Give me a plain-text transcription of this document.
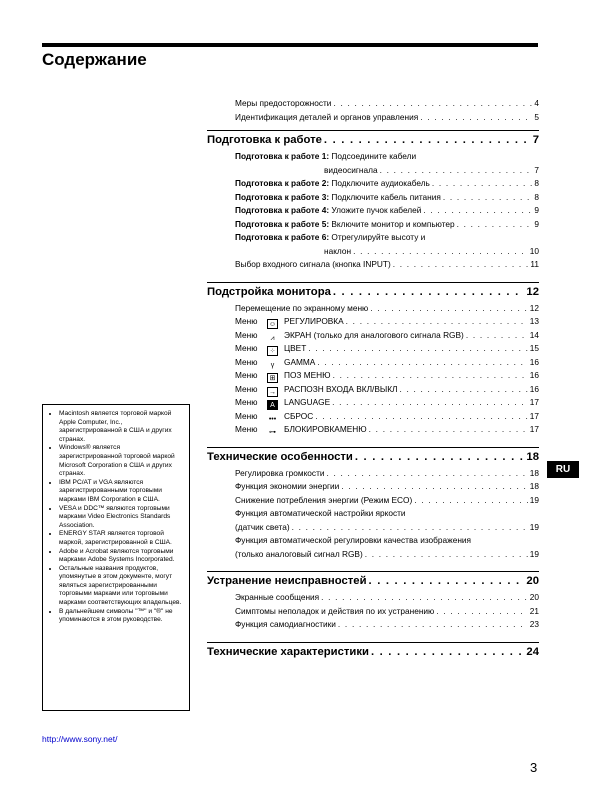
Содержание
Меры предосторожности . . .	4
Идентификация деталей и органов управления . . .	5
Подготовка к работе . . .	7
Подготовка к работе 1: Подсоедините кабели
видеосигнала . . .	7
Подготовка к работе 2: Подключите аудиокабель . . .	8
Подготовка к работе 3: Подключите кабель питания . . .	8
Подготовка к работе 4: Уложите пучок кабелей . . .	9
Подготовка к работе 5: Включите монитор и компьютер . . .	9
Подготовка к работе 6: Отрегулируйте высоту и
наклон . . .	10
Выбор входного сигнала (кнопка INPUT) . . .	11
Подстройка монитора . . .	12
Перемещение по экранному меню . . .	12
Меню ☺ РЕГУЛИРОВКА . . .	13
Меню ⩘ ЭКРАН (только для аналогового сигнала RGB) . . .	14
Меню ⁘ ЦВЕТ . . .	15
Меню γ GAMMA . . .	16
Меню ⊞ ПОЗ МЕНЮ . . .	16
Меню → РАСПОЗН ВХОДА ВКЛ/ВЫКЛ . . .	16
Меню A LANGUAGE . . .	17
Меню ••• СБРОС . . .	17
Меню ⊶ БЛОКИРОВКАМЕНЮ . . .	17
Технические особенности . . .	18
Регулировка громкости . . .	18
Функция экономии энергии . . .	18
Снижение потребления энергии (Режим ECO) . . .	19
Функция автоматической настройки яркости
(датчик света) . . .	19
Функция автоматической регулировки качества изображения
(только аналоговый сигнал RGB) . . .	19
Устранение неисправностей . . .	20
Экранные сообщения . . .	20
Симптомы неполадок и действия по их устранению . . .	21
Функция самодиагностики . . .	23
Технические характеристики . . .	24
• Macintosh является торговой маркой Apple Computer, Inc., зарегистрированной в США и других странах.
• Windows® является зарегистрированной торговой маркой Microsoft Corporation в США и других странах.
• IBM PC/AT и VGA являются зарегистрированными торговыми марками IBM Corporation в США.
• VESA и DDC™ являются торговыми марками Video Electronics Standards Association.
• ENERGY STAR является торговой маркой, зарегистрированной в США.
• Adobe и Acrobat являются торговыми марками Adobe Systems Incorporated.
• Остальные названия продуктов, упомянутые в этом документе, могут являться зарегистрированными торговыми марками или торговыми марками соответствующих владельцев.
• В дальнейшем символы "™" и "®" не упоминаются в этом руководстве.
RU
http://www.sony.net/
3
